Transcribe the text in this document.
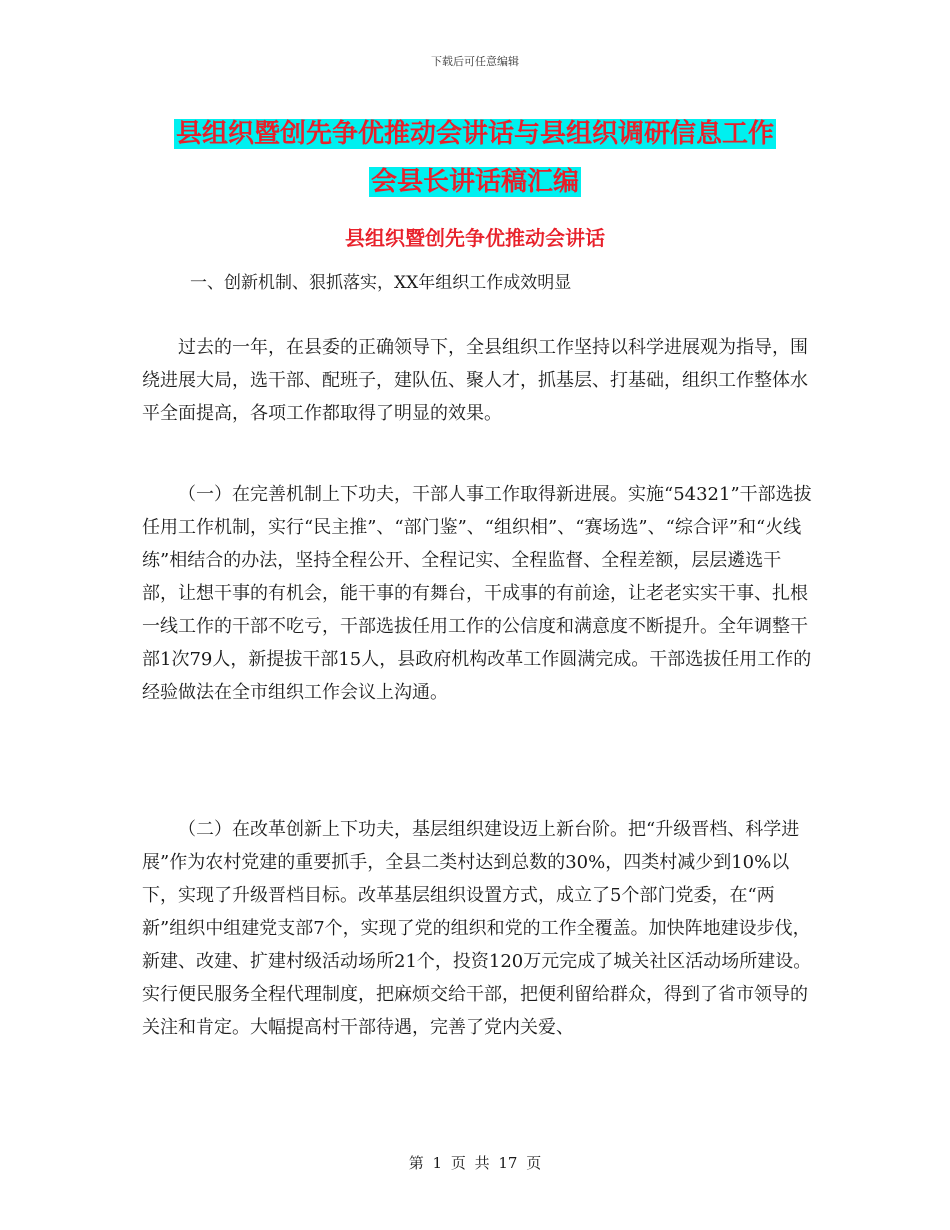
下载后可任意编辑
县组织暨创先争优推动会讲话与县组织调研信息工作
会县长讲话稿汇编
县组织暨创先争优推动会讲话
一、创新机制、狠抓落实，XX年组织工作成效明显

过去的一年，在县委的正确领导下，全县组织工作坚持以科学进展观为指导，围绕进展大局，选干部、配班子，建队伍、聚人才，抓基层、打基础，组织工作整体水平全面提高，各项工作都取得了明显的效果。

（一）在完善机制上下功夫，干部人事工作取得新进展。实施“54321”干部选拔任用工作机制，实行“民主推”、“部门鉴”、“组织相”、“赛场选”、“综合评”和“火线练”相结合的办法，坚持全程公开、全程记实、全程监督、全程差额，层层遴选干部，让想干事的有机会，能干事的有舞台，干成事的有前途，让老老实实干事、扎根一线工作的干部不吃亏，干部选拔任用工作的公信度和满意度不断提升。全年调整干部1次79人，新提拔干部15人，县政府机构改革工作圆满完成。干部选拔任用工作的经验做法在全市组织工作会议上沟通。

（二）在改革创新上下功夫，基层组织建设迈上新台阶。把“升级晋档、科学进展”作为农村党建的重要抓手，全县二类村达到总数的30%，四类村减少到10%以下，实现了升级晋档目标。改革基层组织设置方式，成立了5个部门党委，在“两新”组织中组建党支部7个，实现了党的组织和党的工作全覆盖。加快阵地建设步伐，新建、改建、扩建村级活动场所21个，投资120万元完成了城关社区活动场所建设。实行便民服务全程代理制度，把麻烦交给干部，把便利留给群众，得到了省市领导的关注和肯定。大幅提高村干部待遇，完善了党内关爱、

第 1 页 共 17 页
